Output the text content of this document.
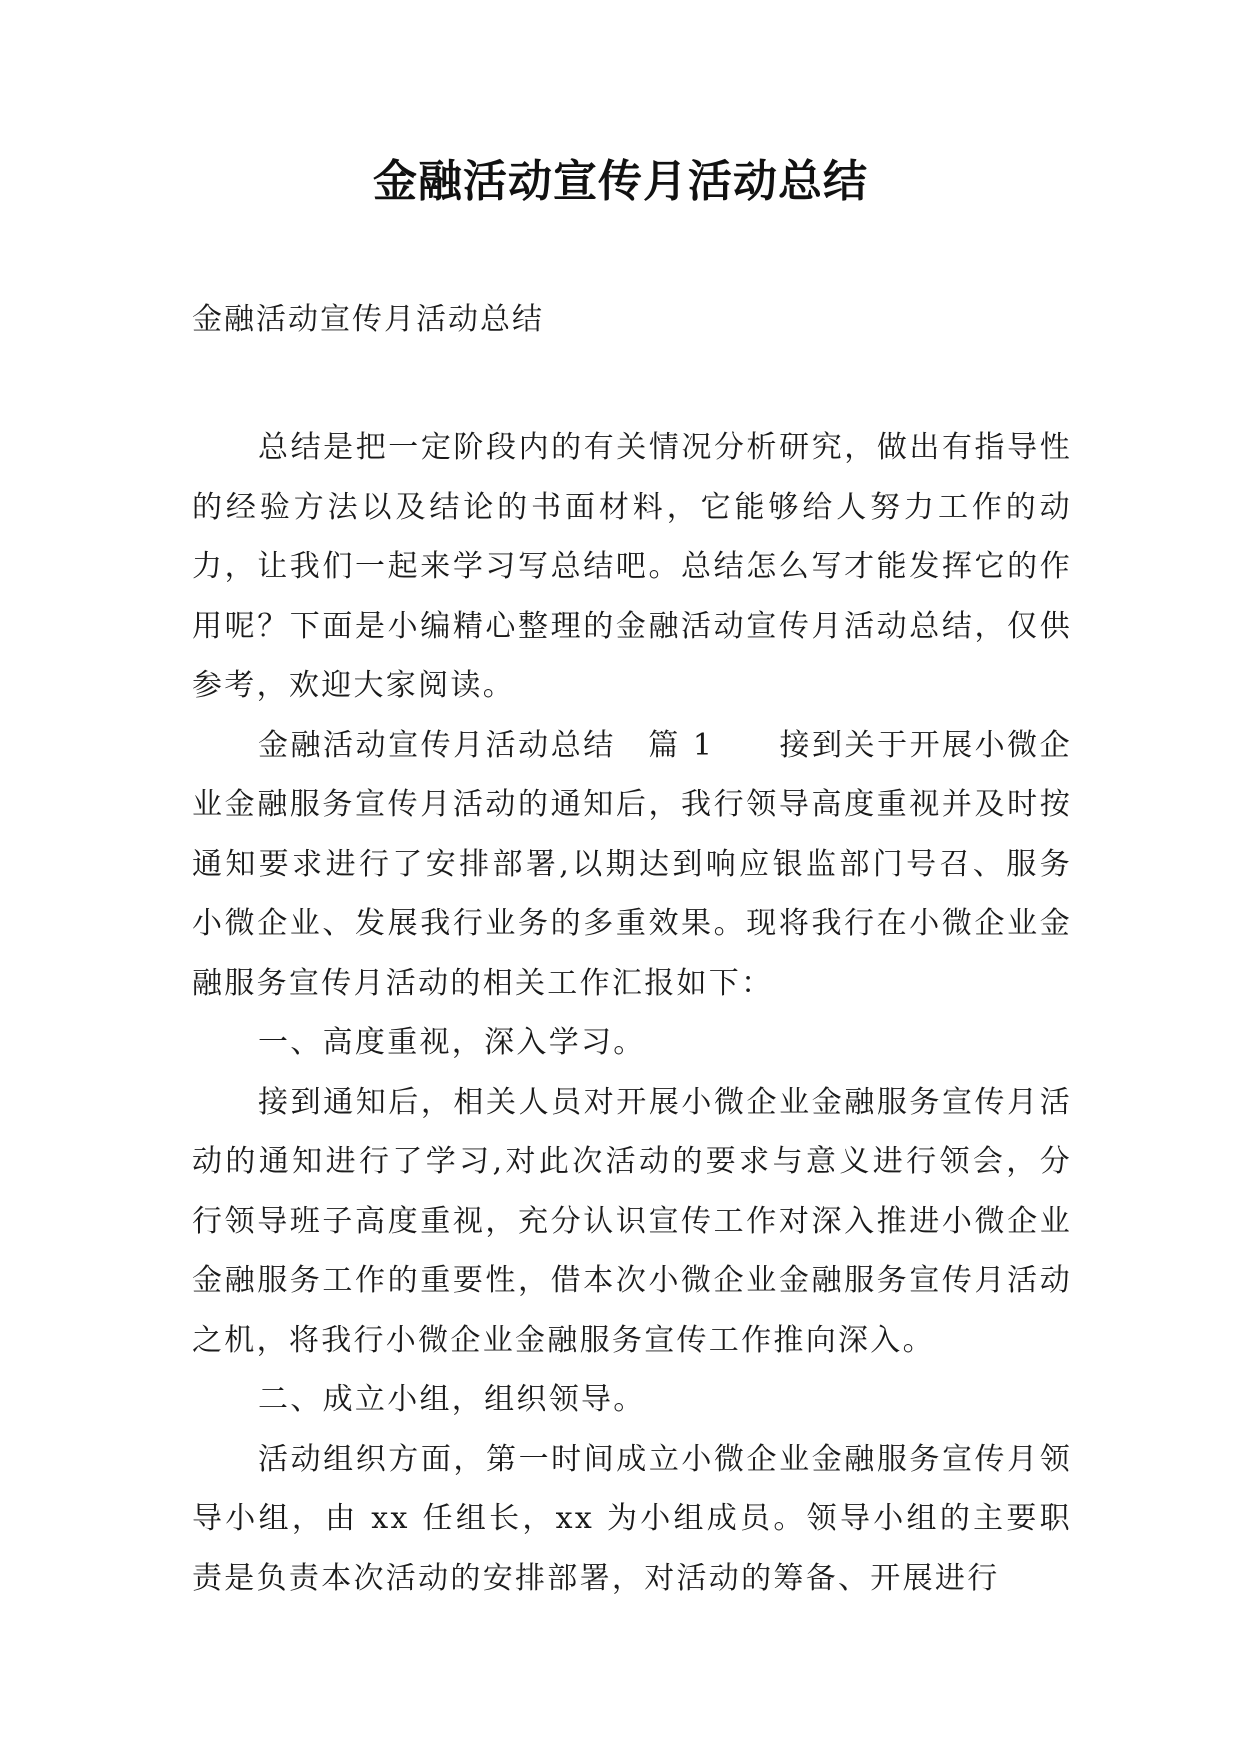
金融活动宣传月活动总结

金融活动宣传月活动总结

总结是把一定阶段内的有关情况分析研究，做出有指导性的经验方法以及结论的书面材料，它能够给人努力工作的动力，让我们一起来学习写总结吧。总结怎么写才能发挥它的作用呢？下面是小编精心整理的金融活动宣传月活动总结，仅供参考，欢迎大家阅读。

金融活动宣传月活动总结　篇 1　　接到关于开展小微企业金融服务宣传月活动的通知后，我行领导高度重视并及时按通知要求进行了安排部署,以期达到响应银监部门号召、服务小微企业、发展我行业务的多重效果。现将我行在小微企业金融服务宣传月活动的相关工作汇报如下：

一、高度重视，深入学习。

接到通知后，相关人员对开展小微企业金融服务宣传月活动的通知进行了学习,对此次活动的要求与意义进行领会，分行领导班子高度重视，充分认识宣传工作对深入推进小微企业金融服务工作的重要性，借本次小微企业金融服务宣传月活动之机，将我行小微企业金融服务宣传工作推向深入。

二、成立小组，组织领导。

活动组织方面，第一时间成立小微企业金融服务宣传月领导小组，由 xx 任组长，xx 为小组成员。领导小组的主要职责是负责本次活动的安排部署，对活动的筹备、开展进行
